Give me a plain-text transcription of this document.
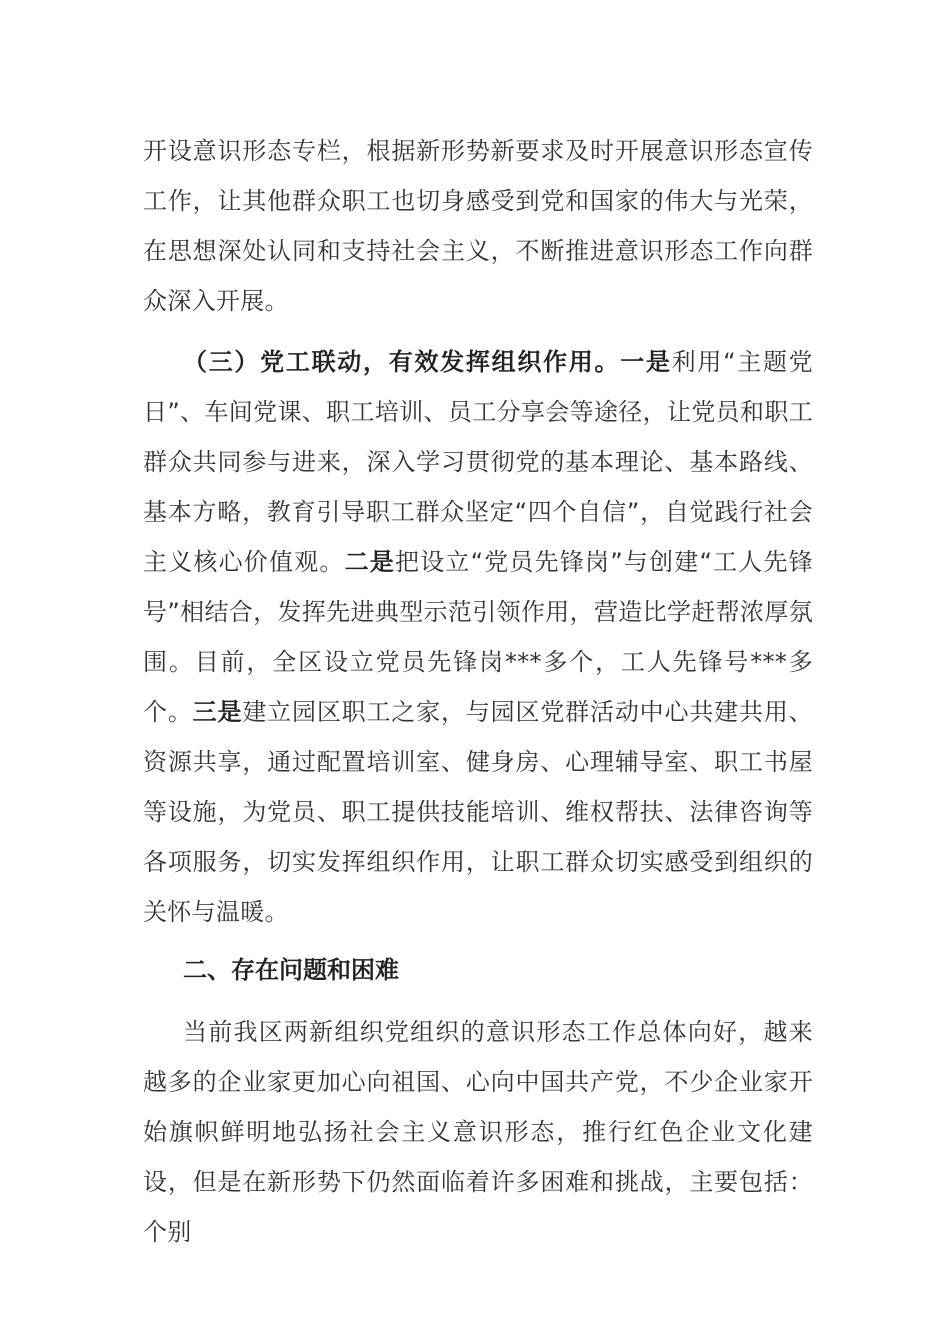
开设意识形态专栏，根据新形势新要求及时开展意识形态宣传工作，让其他群众职工也切身感受到党和国家的伟大与光荣，在思想深处认同和支持社会主义，不断推进意识形态工作向群众深入开展。

（三）党工联动，有效发挥组织作用。一是利用“主题党日”、车间党课、职工培训、员工分享会等途径，让党员和职工群众共同参与进来，深入学习贯彻党的基本理论、基本路线、基本方略，教育引导职工群众坚定“四个自信”，自觉践行社会主义核心价值观。二是把设立“党员先锋岗”与创建“工人先锋号”相结合，发挥先进典型示范引领作用，营造比学赶帮浓厚氛围。目前，全区设立党员先锋岗***多个，工人先锋号***多个。三是建立园区职工之家，与园区党群活动中心共建共用、资源共享，通过配置培训室、健身房、心理辅导室、职工书屋等设施，为党员、职工提供技能培训、维权帮扶、法律咨询等各项服务，切实发挥组织作用，让职工群众切实感受到组织的关怀与温暖。

二、存在问题和困难

当前我区两新组织党组织的意识形态工作总体向好，越来越多的企业家更加心向祖国、心向中国共产党，不少企业家开始旗帜鲜明地弘扬社会主义意识形态，推行红色企业文化建设，但是在新形势下仍然面临着许多困难和挑战，主要包括：个别
